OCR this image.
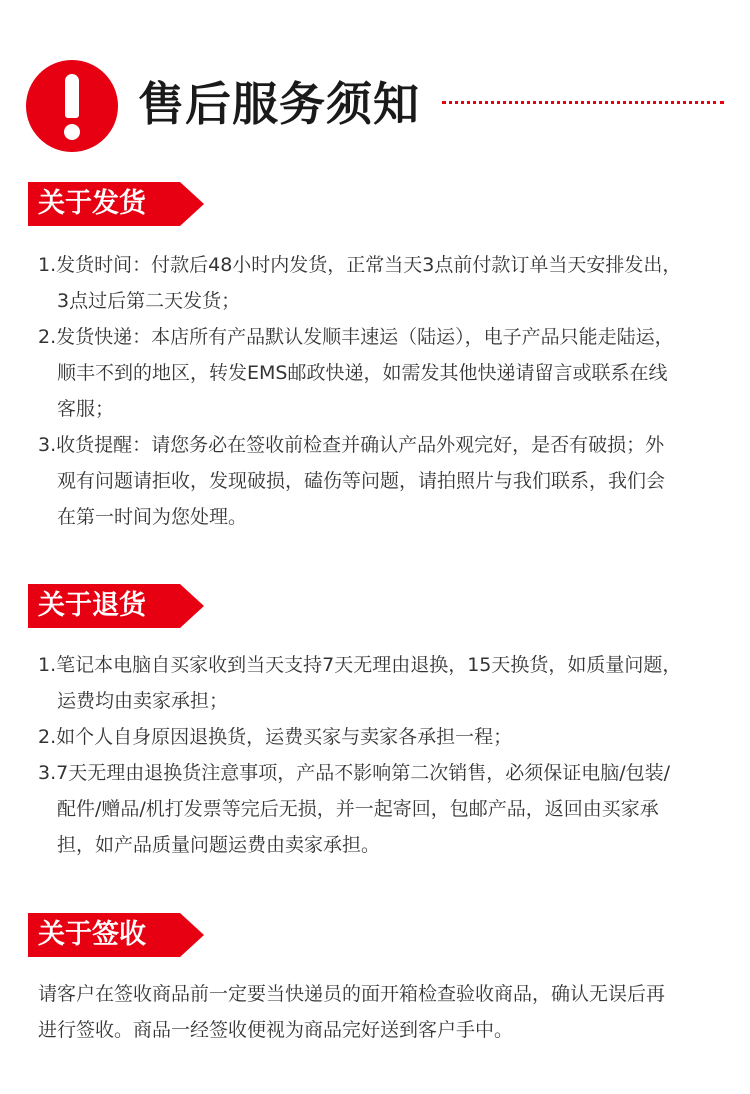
售后服务须知
关于发货
1.发货时间：付款后48小时内发货，正常当天3点前付款订单当天安排发出，
3点过后第二天发货；
2.发货快递：本店所有产品默认发顺丰速运（陆运），电子产品只能走陆运，
顺丰不到的地区，转发EMS邮政快递，如需发其他快递请留言或联系在线
客服；
3.收货提醒：请您务必在签收前检查并确认产品外观完好，是否有破损；外
观有问题请拒收，发现破损，磕伤等问题，请拍照片与我们联系，我们会
在第一时间为您处理。
关于退货
1.笔记本电脑自买家收到当天支持7天无理由退换，15天换货，如质量问题，
运费均由卖家承担；
2.如个人自身原因退换货，运费买家与卖家各承担一程；
3.7天无理由退换货注意事项，产品不影响第二次销售，必须保证电脑/包装/
配件/赠品/机打发票等完后无损，并一起寄回，包邮产品，返回由买家承
担，如产品质量问题运费由卖家承担。
关于签收
请客户在签收商品前一定要当快递员的面开箱检查验收商品，确认无误后再
进行签收。商品一经签收便视为商品完好送到客户手中。
